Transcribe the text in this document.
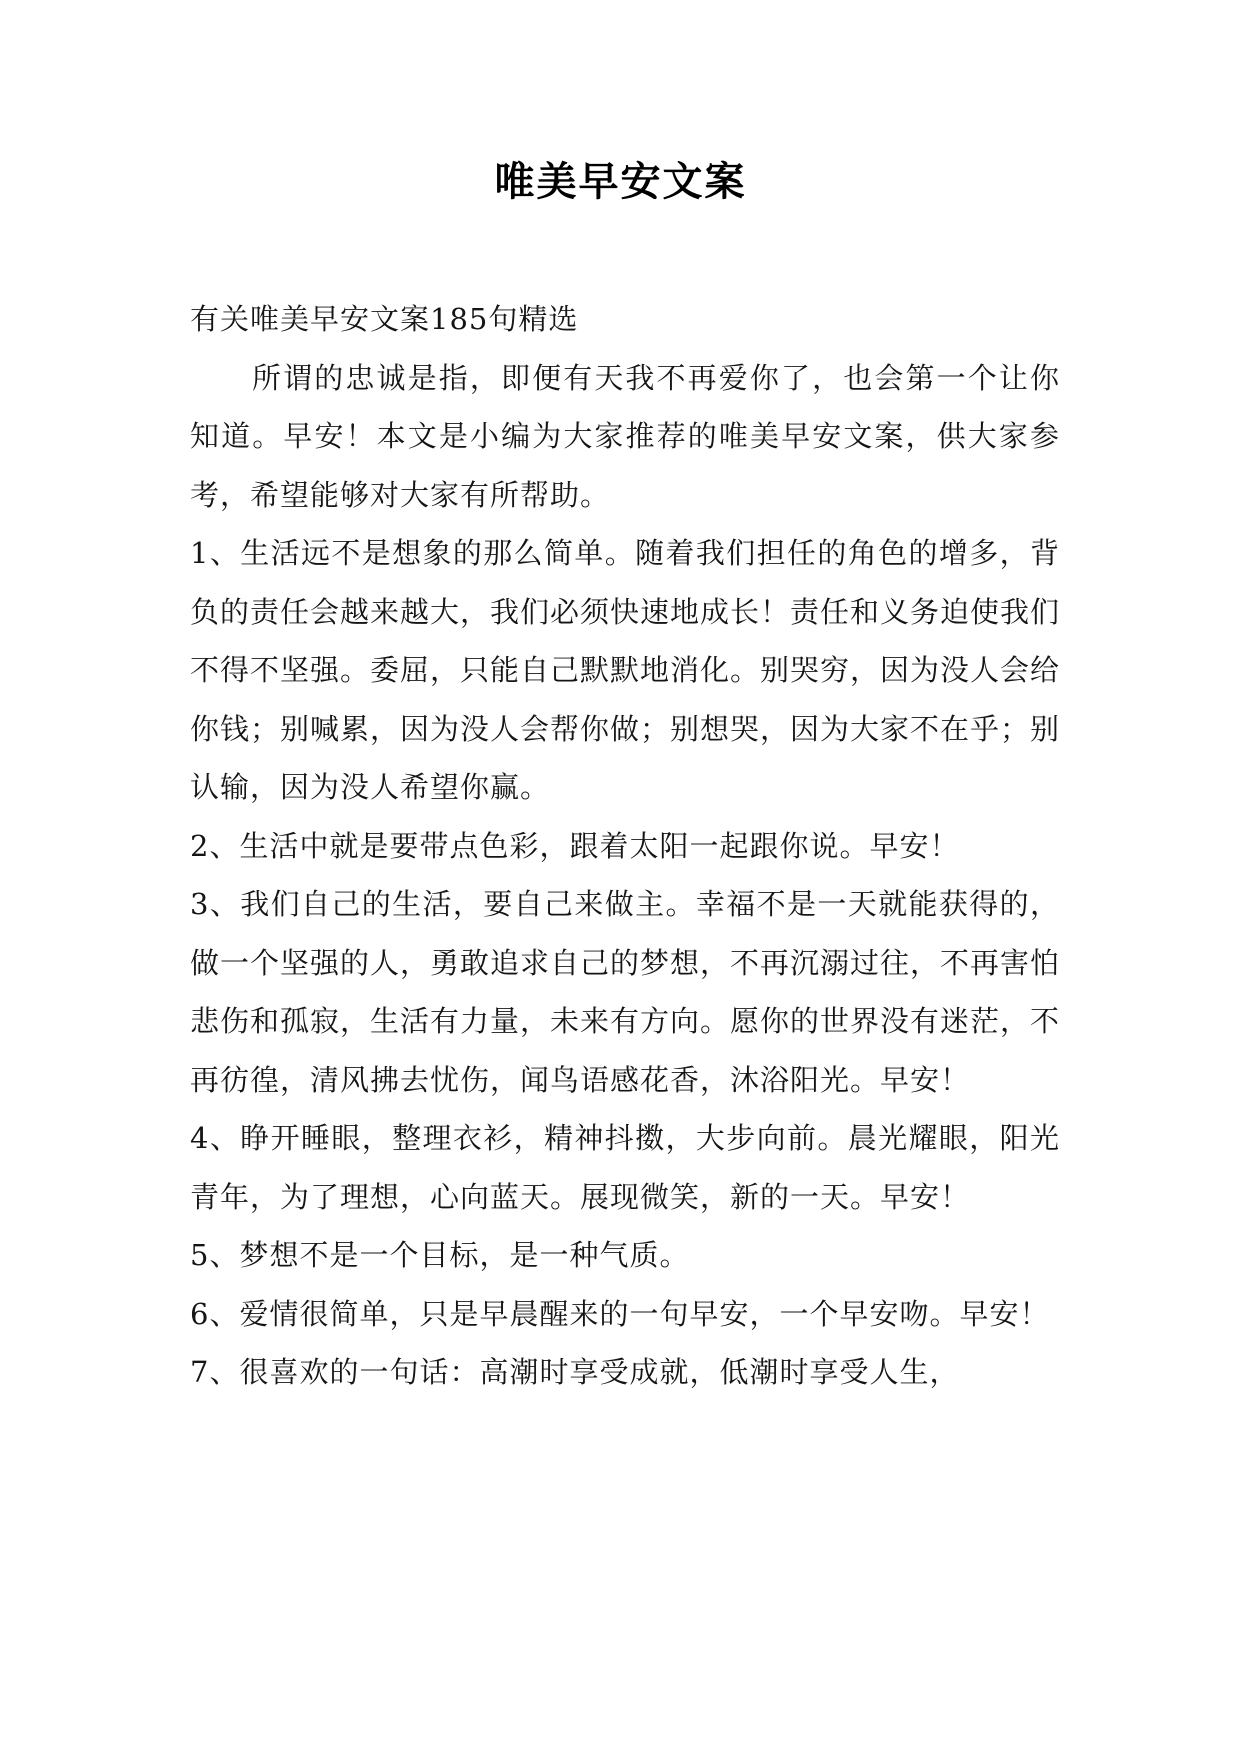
唯美早安文案

有关唯美早安文案185句精选

所谓的忠诚是指，即便有天我不再爱你了，也会第一个让你知道。早安！本文是小编为大家推荐的唯美早安文案，供大家参考，希望能够对大家有所帮助。

1、生活远不是想象的那么简单。随着我们担任的角色的增多，背负的责任会越来越大，我们必须快速地成长！责任和义务迫使我们不得不坚强。委屈，只能自己默默地消化。别哭穷，因为没人会给你钱；别喊累，因为没人会帮你做；别想哭，因为大家不在乎；别认输，因为没人希望你赢。

2、生活中就是要带点色彩，跟着太阳一起跟你说。早安！

3、我们自己的生活，要自己来做主。幸福不是一天就能获得的，做一个坚强的人，勇敢追求自己的梦想，不再沉溺过往，不再害怕悲伤和孤寂，生活有力量，未来有方向。愿你的世界没有迷茫，不再彷徨，清风拂去忧伤，闻鸟语感花香，沐浴阳光。早安！

4、睁开睡眼，整理衣衫，精神抖擞，大步向前。晨光耀眼，阳光青年，为了理想，心向蓝天。展现微笑，新的一天。早安！

5、梦想不是一个目标，是一种气质。

6、爱情很简单，只是早晨醒来的一句早安，一个早安吻。早安！

7、很喜欢的一句话：高潮时享受成就，低潮时享受人生，
